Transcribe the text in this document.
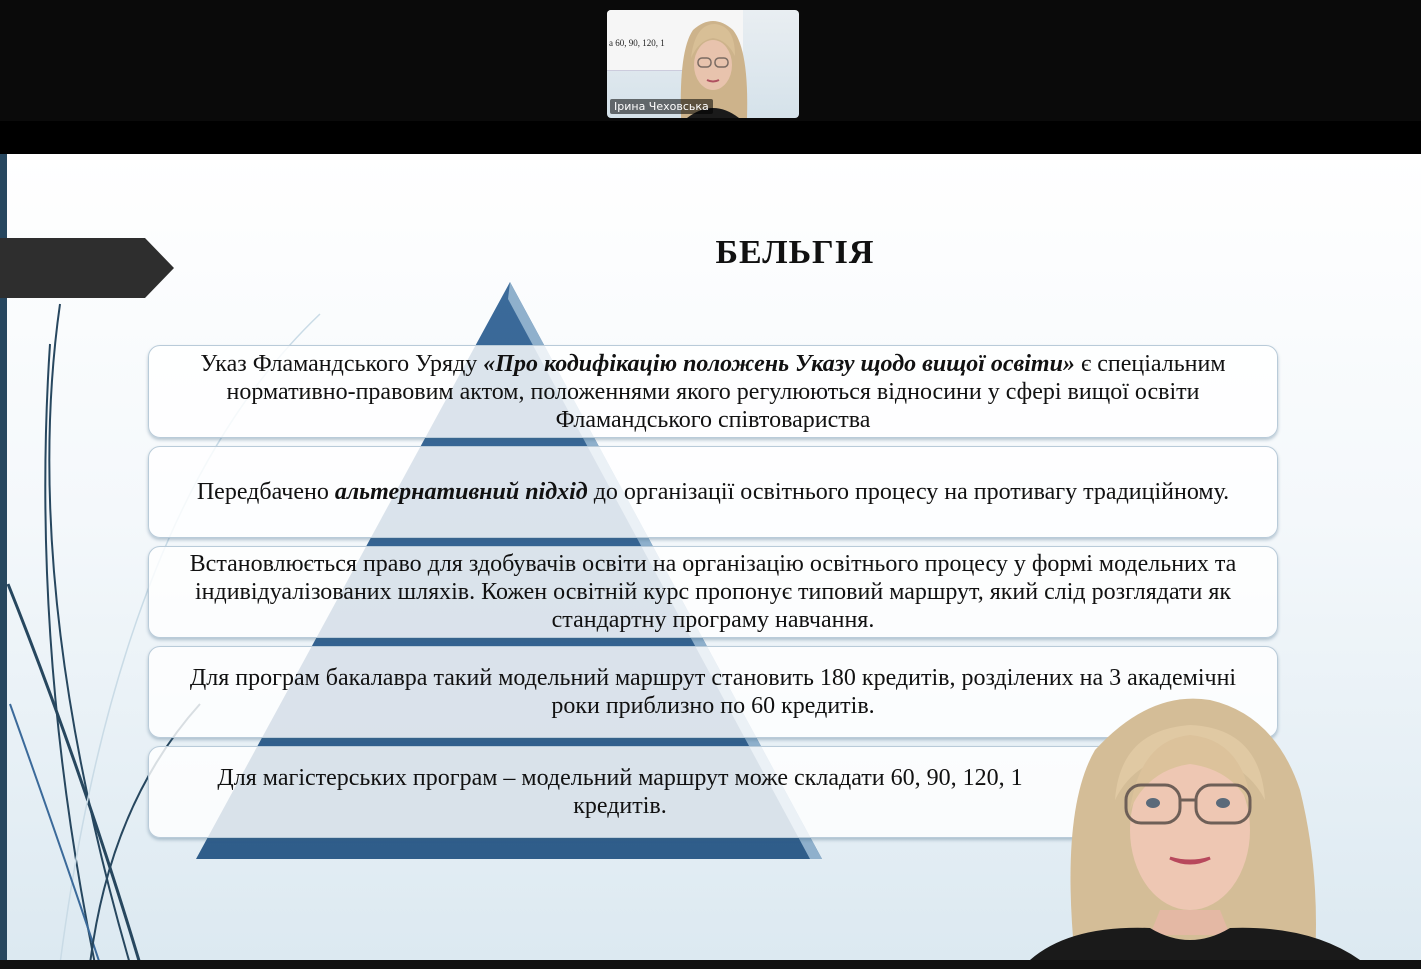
а 60, 90, 120, 1
Ірина Чеховська
БЕЛЬГІЯ

Указ Фламандського Уряду «Про кодифікацію положень Указу щодо вищої освіти» є спеціальним нормативно-правовим актом, положеннями якого регулюються відносини у сфері вищої освіти Фламандського співтовариства

Передбачено альтернативний підхід до організації освітнього процесу на противагу традиційному.

Встановлюється право для здобувачів освіти на організацію освітнього процесу у формі модельних та індивідуалізованих шляхів. Кожен освітній курс пропонує типовий маршрут, який слід розглядати як стандартну програму навчання.

Для програм бакалавра такий модельний маршрут становить 180 кредитів, розділених на 3 академічні роки приблизно по 60 кредитів.

Для магістерських програм – модельний маршрут може складати 60, 90, 120, 1
кредитів.
